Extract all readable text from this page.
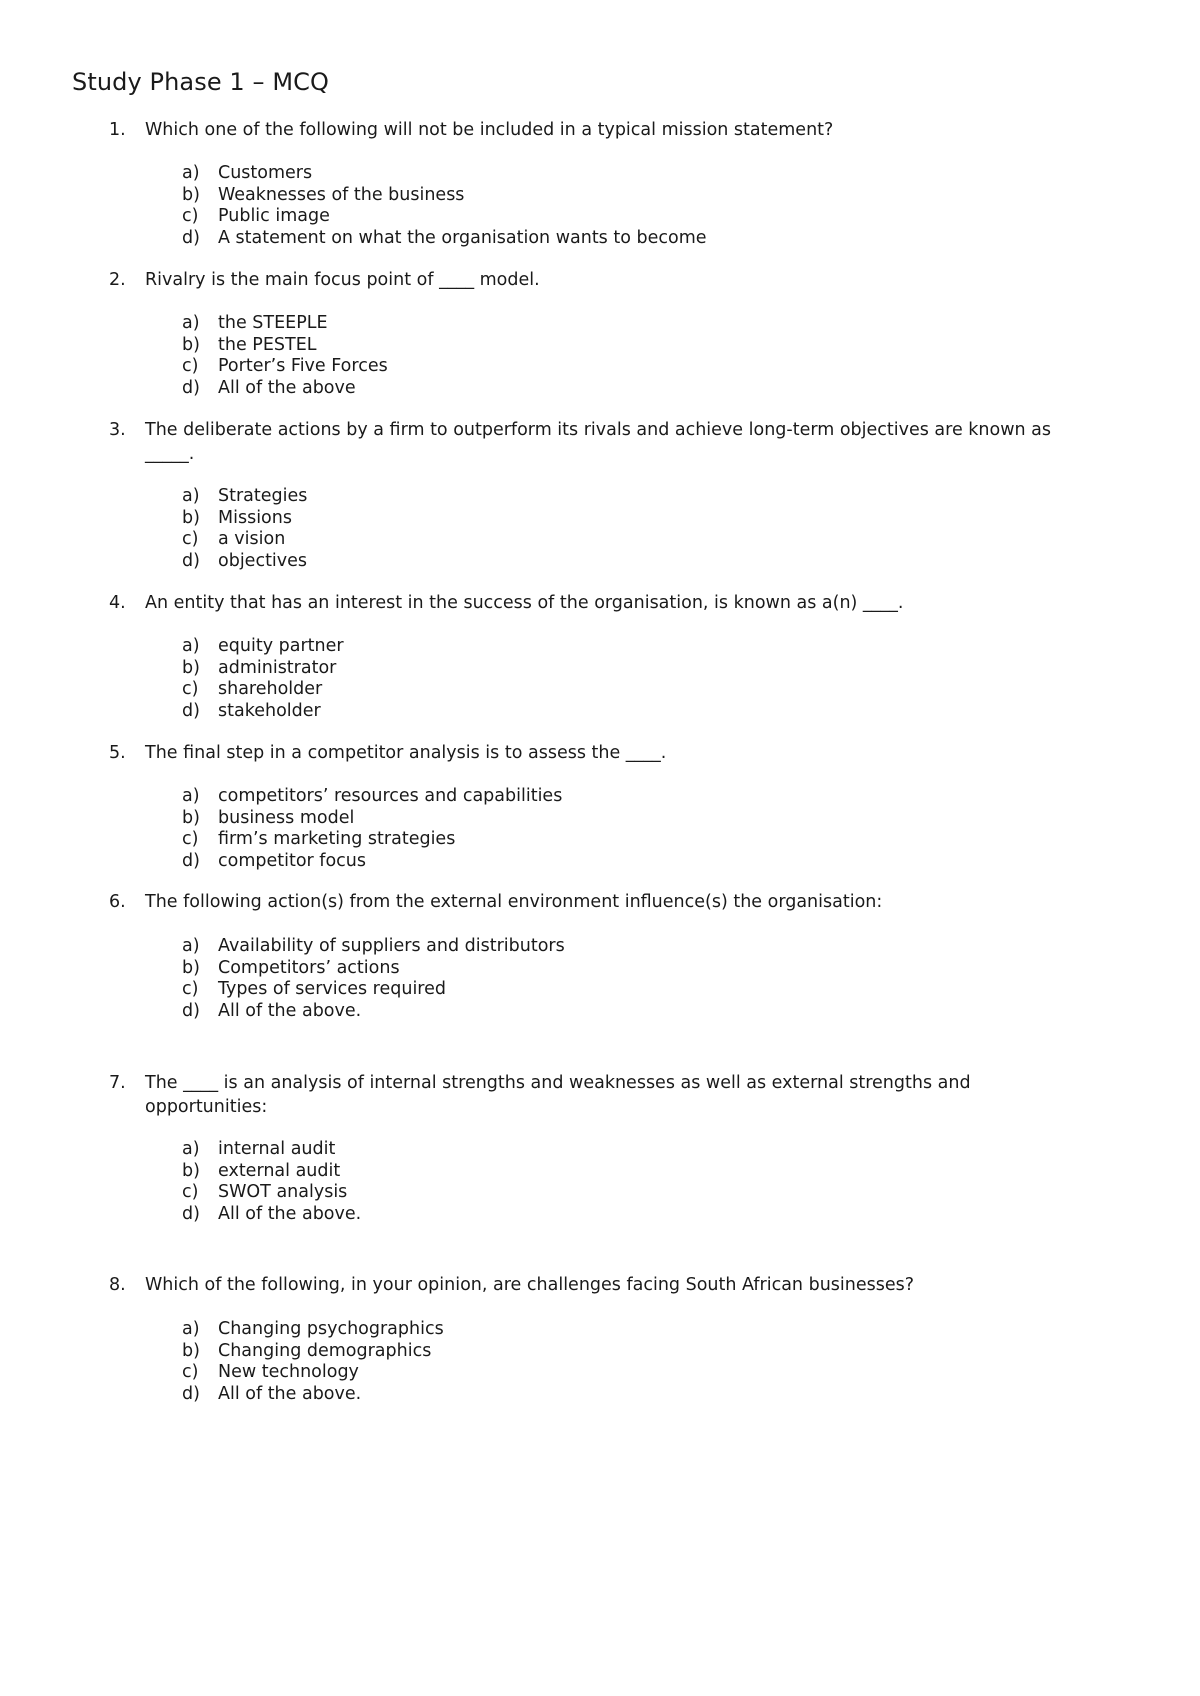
Study Phase 1 – MCQ
1. Which one of the following will not be included in a typical mission statement?
a) Customers
b) Weaknesses of the business
c) Public image
d) A statement on what the organisation wants to become
2. Rivalry is the main focus point of ____ model.
a) the STEEPLE
b) the PESTEL
c) Porter’s Five Forces
d) All of the above
3. The deliberate actions by a firm to outperform its rivals and achieve long-term objectives are known as _____.
a) Strategies
b) Missions
c) a vision
d) objectives
4. An entity that has an interest in the success of the organisation, is known as a(n) ____.
a) equity partner
b) administrator
c) shareholder
d) stakeholder
5. The final step in a competitor analysis is to assess the ____.
a) competitors’ resources and capabilities
b) business model
c) firm’s marketing strategies
d) competitor focus
6. The following action(s) from the external environment influence(s) the organisation:
a) Availability of suppliers and distributors
b) Competitors’ actions
c) Types of services required
d) All of the above.
7. The ____ is an analysis of internal strengths and weaknesses as well as external strengths and opportunities:
a) internal audit
b) external audit
c) SWOT analysis
d) All of the above.
8. Which of the following, in your opinion, are challenges facing South African businesses?
a) Changing psychographics
b) Changing demographics
c) New technology
d) All of the above.
